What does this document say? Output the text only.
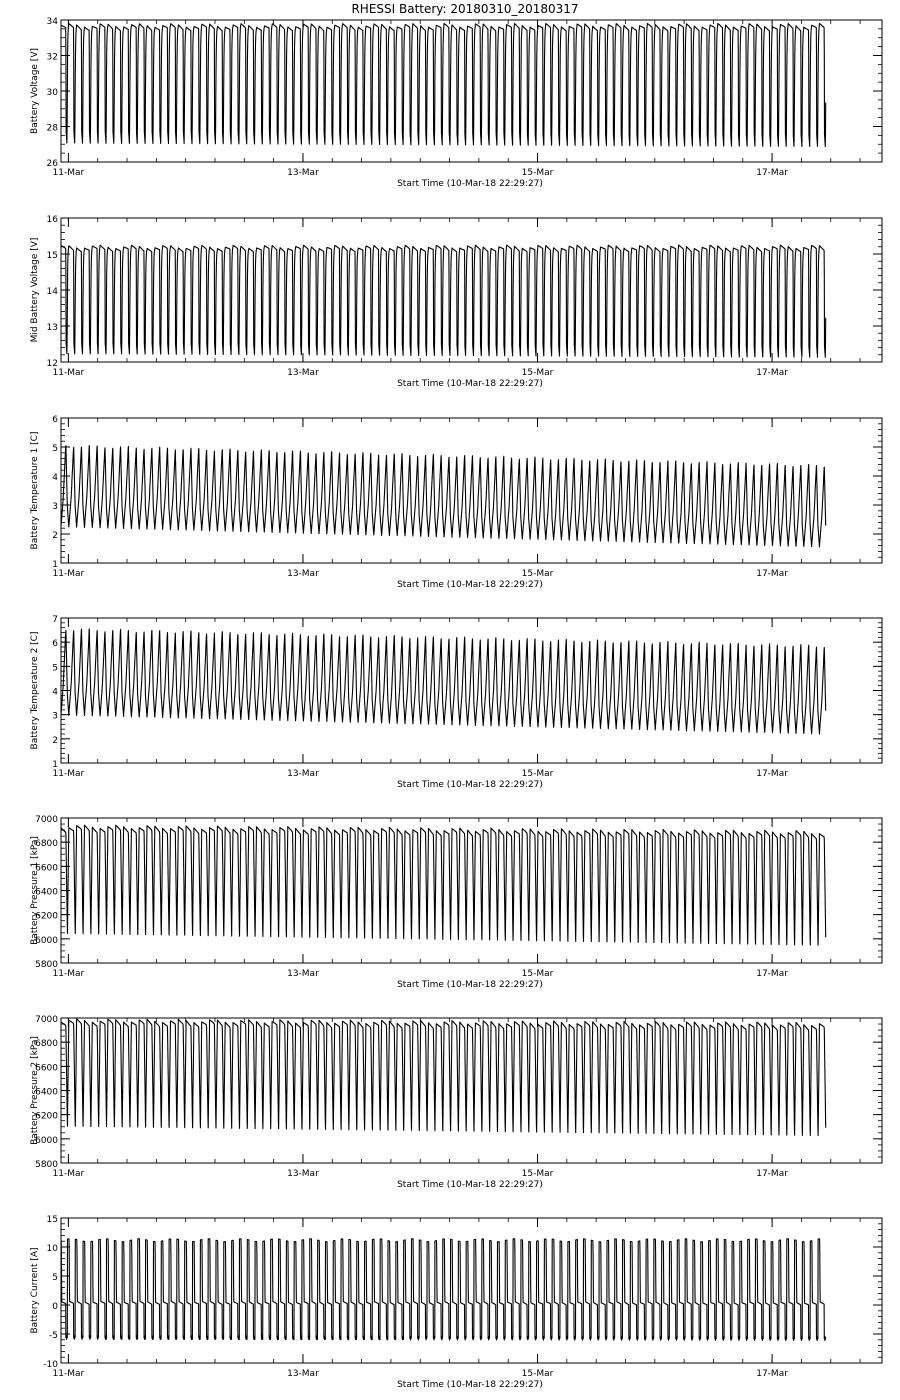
RHESSI Battery: 20180310_20180317
26
28
30
32
34
11-Mar	13-Mar	15-Mar	17-Mar
Start Time (10-Mar-18 22:29:27)
Battery Voltage [V]
12
13
14
15
16
11-Mar	13-Mar	15-Mar	17-Mar
Start Time (10-Mar-18 22:29:27)
Mid Battery Voltage [V]
1
2
3
4
5
6
11-Mar	13-Mar	15-Mar	17-Mar
Start Time (10-Mar-18 22:29:27)
Battery Temperature 1 [C]
1
2
3
4
5
6
7
11-Mar	13-Mar	15-Mar	17-Mar
Start Time (10-Mar-18 22:29:27)
Battery Temperature 2 [C]
5800
6000
6200
6400
6600
6800
7000
11-Mar	13-Mar	15-Mar	17-Mar
Start Time (10-Mar-18 22:29:27)
Battery Pressure 1 [kPa]
5800
6000
6200
6400
6600
6800
7000
11-Mar	13-Mar	15-Mar	17-Mar
Start Time (10-Mar-18 22:29:27)
Battery Pressure 2 [kPa]
-10
-5
0
5
10
15
11-Mar	13-Mar	15-Mar	17-Mar
Start Time (10-Mar-18 22:29:27)
Battery Current [A]
